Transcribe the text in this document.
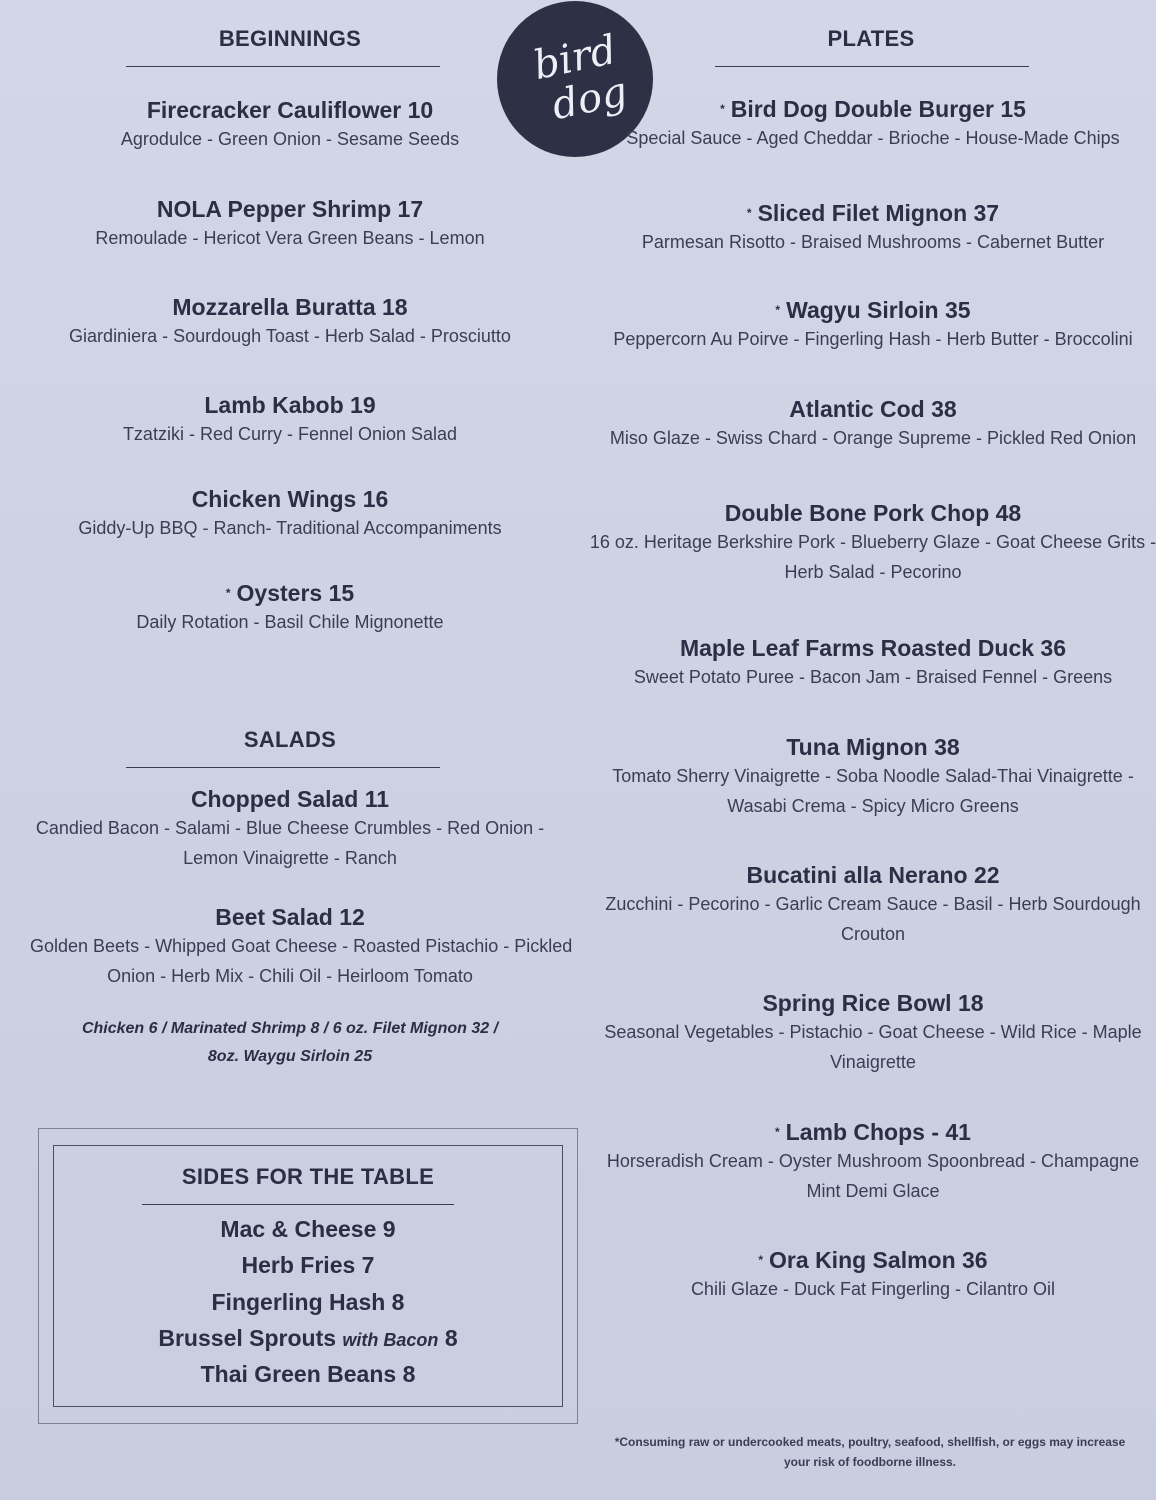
bird
dog
BEGINNINGS
Firecracker Cauliflower 10
Agrodulce - Green Onion - Sesame Seeds
NOLA Pepper Shrimp 17
Remoulade - Hericot Vera Green Beans - Lemon
Mozzarella Buratta 18
Giardiniera - Sourdough Toast - Herb Salad - Prosciutto
Lamb Kabob 19
Tzatziki - Red Curry - Fennel Onion Salad
Chicken Wings 16
Giddy-Up BBQ - Ranch- Traditional Accompaniments
* Oysters 15
Daily Rotation - Basil Chile Mignonette
SALADS
Chopped Salad 11
Candied Bacon - Salami - Blue Cheese Crumbles - Red Onion -
Lemon Vinaigrette - Ranch
Beet Salad 12
Golden Beets - Whipped Goat Cheese - Roasted Pistachio - Pickled
Onion - Herb Mix - Chili Oil - Heirloom Tomato
Chicken 6 / Marinated Shrimp 8 / 6 oz. Filet Mignon 32 /
8oz. Waygu Sirloin 25
SIDES FOR THE TABLE
Mac & Cheese 9
Herb Fries 7
Fingerling Hash 8
Brussel Sprouts with Bacon 8
Thai Green Beans 8
PLATES
* Bird Dog Double Burger 15
Special Sauce - Aged Cheddar - Brioche - House-Made Chips
* Sliced Filet Mignon 37
Parmesan Risotto - Braised Mushrooms - Cabernet Butter
* Wagyu Sirloin 35
Peppercorn Au Poirve - Fingerling Hash - Herb Butter - Broccolini
Atlantic Cod 38
Miso Glaze - Swiss Chard - Orange Supreme - Pickled Red Onion
Double Bone Pork Chop 48
16 oz. Heritage Berkshire Pork - Blueberry Glaze - Goat Cheese Grits -
Herb Salad - Pecorino
Maple Leaf Farms Roasted Duck 36
Sweet Potato Puree - Bacon Jam - Braised Fennel - Greens
Tuna Mignon 38
Tomato Sherry Vinaigrette - Soba Noodle Salad-Thai Vinaigrette -
Wasabi Crema - Spicy Micro Greens
Bucatini alla Nerano 22
Zucchini - Pecorino - Garlic Cream Sauce - Basil - Herb Sourdough
Crouton
Spring Rice Bowl 18
Seasonal Vegetables - Pistachio - Goat Cheese - Wild Rice - Maple
Vinaigrette
* Lamb Chops - 41
Horseradish Cream - Oyster Mushroom Spoonbread - Champagne
Mint Demi Glace
* Ora King Salmon 36
Chili Glaze - Duck Fat Fingerling - Cilantro Oil
*Consuming raw or undercooked meats, poultry, seafood, shellfish, or eggs may increase
your risk of foodborne illness.
